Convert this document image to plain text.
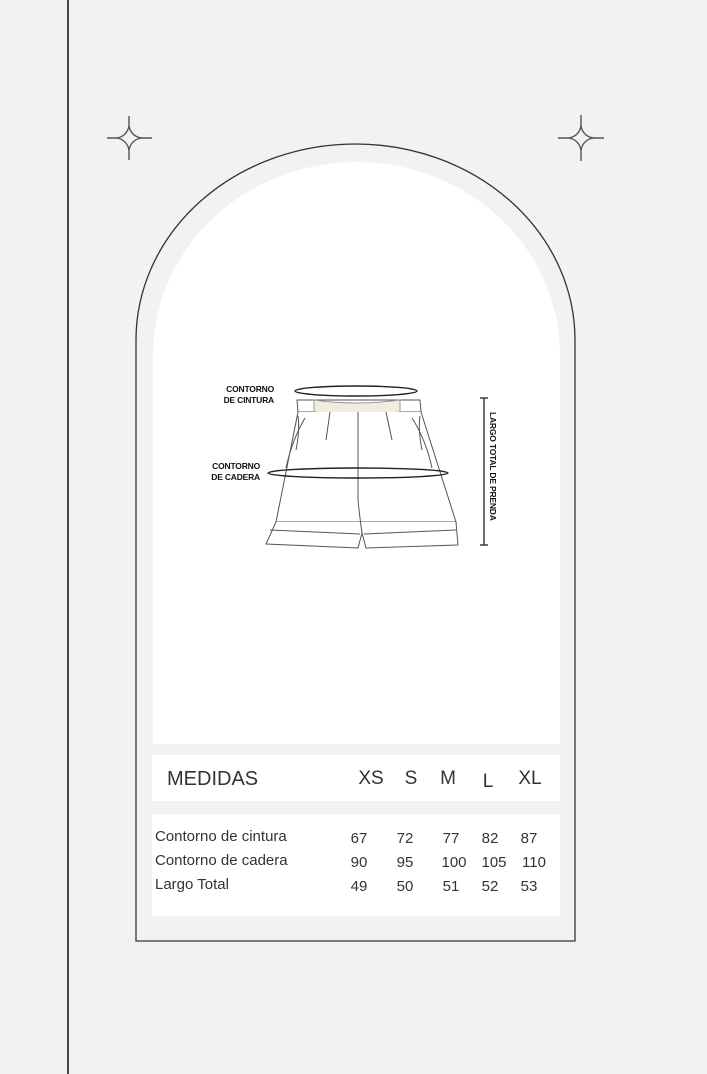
CONTORNO
DE CINTURA
CONTORNO
DE CADERA	LARGO TOTAL DE PRENDA
MEDIDAS	XS	S	M	L	XL
Contorno de cintura	67	72	77	82	87
Contorno de cadera	90	95	100 105	110
Largo Total	49	50	51	52	53
